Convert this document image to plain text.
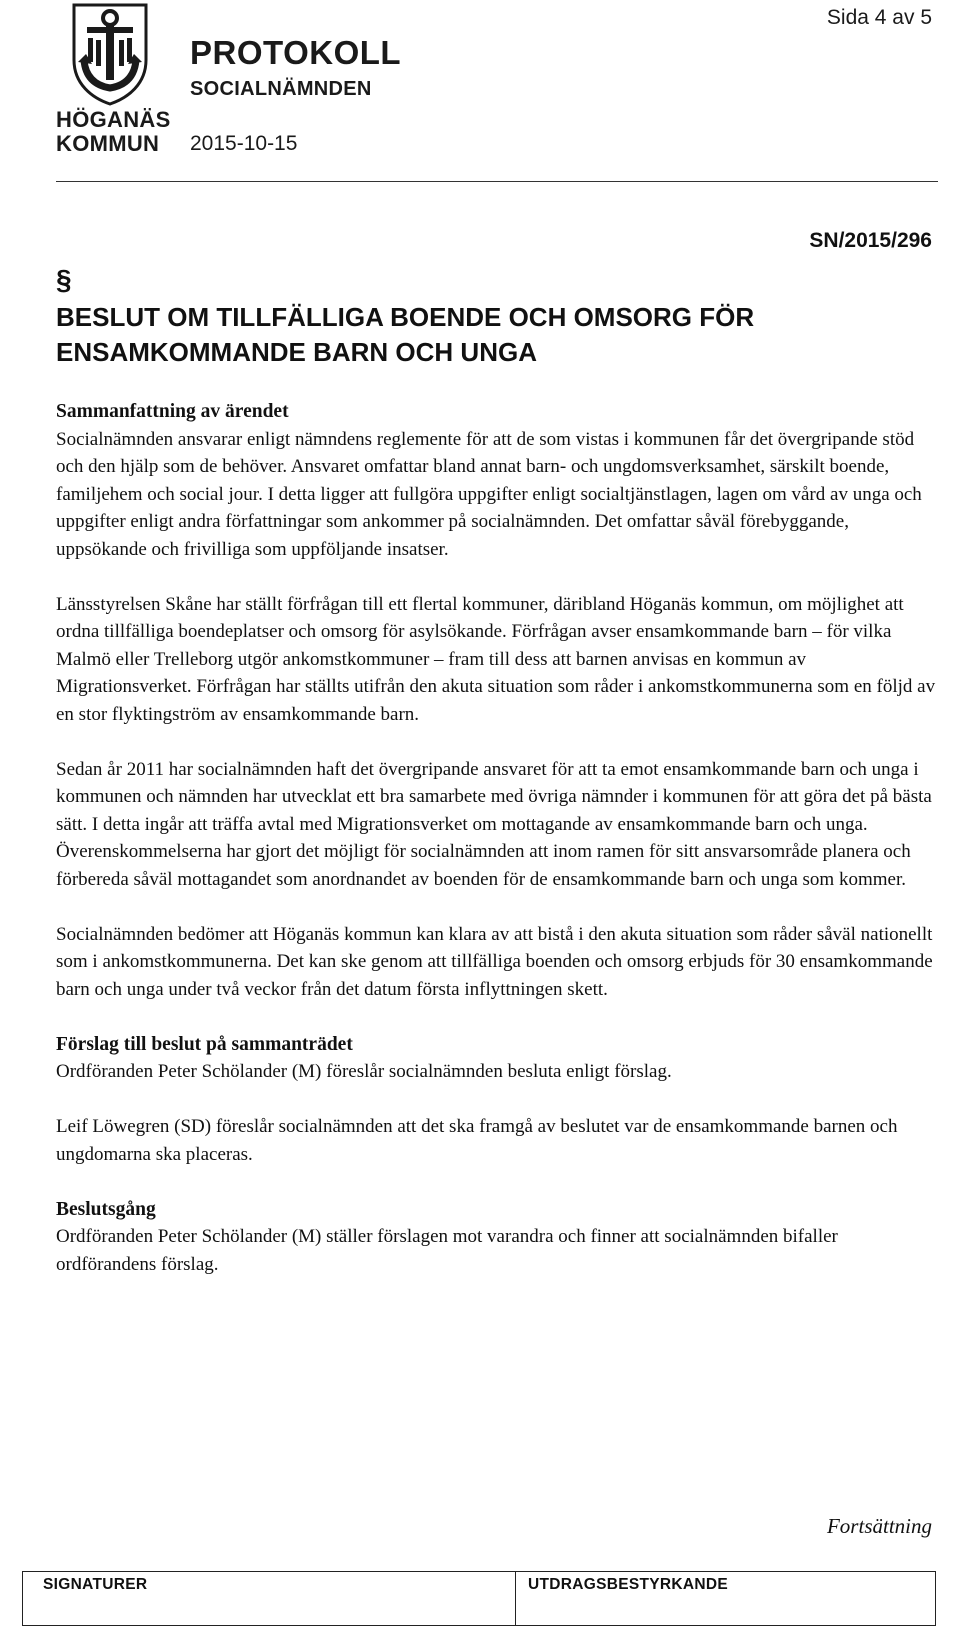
HÖGANÄS KOMMUN
PROTOKOLL
SOCIALNÄMNDEN
2015-10-15
Sida 4 av 5
SN/2015/296
§
BESLUT OM TILLFÄLLIGA BOENDE OCH OMSORG FÖR ENSAMKOMMANDE BARN OCH UNGA
Sammanfattning av ärendet

Socialnämnden ansvarar enligt nämndens reglemente för att de som vistas i kommunen får det övergripande stöd och den hjälp som de behöver. Ansvaret omfattar bland annat barn- och ungdomsverksamhet, särskilt boende, familjehem och social jour. I detta ligger att fullgöra uppgifter enligt socialtjänstlagen, lagen om vård av unga och uppgifter enligt andra författningar som ankommer på socialnämnden. Det omfattar såväl förebyggande, uppsökande och frivilliga som uppföljande insatser.

Länsstyrelsen Skåne har ställt förfrågan till ett flertal kommuner, däribland Höganäs kommun, om möjlighet att ordna tillfälliga boendeplatser och omsorg för asylsökande. Förfrågan avser ensamkommande barn – för vilka Malmö eller Trelleborg utgör ankomstkommuner – fram till dess att barnen anvisas en kommun av Migrationsverket. Förfrågan har ställts utifrån den akuta situation som råder i ankomstkommunerna som en följd av en stor flyktingström av ensamkommande barn.

Sedan år 2011 har socialnämnden haft det övergripande ansvaret för att ta emot ensamkommande barn och unga i kommunen och nämnden har utvecklat ett bra samarbete med övriga nämnder i kommunen för att göra det på bästa sätt. I detta ingår att träffa avtal med Migrationsverket om mottagande av ensamkommande barn och unga. Överenskommelserna har gjort det möjligt för socialnämnden att inom ramen för sitt ansvarsområde planera och förbereda såväl mottagandet som anordnandet av boenden för de ensamkommande barn och unga som kommer.

Socialnämnden bedömer att Höganäs kommun kan klara av att bistå i den akuta situation som råder såväl nationellt som i ankomstkommunerna. Det kan ske genom att tillfälliga boenden och omsorg erbjuds för 30 ensamkommande barn och unga under två veckor från det datum första inflyttningen skett.

Förslag till beslut på sammanträdet

Ordföranden Peter Schölander (M) föreslår socialnämnden besluta enligt förslag.

Leif Löwegren (SD) föreslår socialnämnden att det ska framgå av beslutet var de ensamkommande barnen och ungdomarna ska placeras.

Beslutsgång

Ordföranden Peter Schölander (M) ställer förslagen mot varandra och finner att socialnämnden bifaller ordförandens förslag.

Fortsättning
SIGNATURER	UTDRAGSBESTYRKANDE
